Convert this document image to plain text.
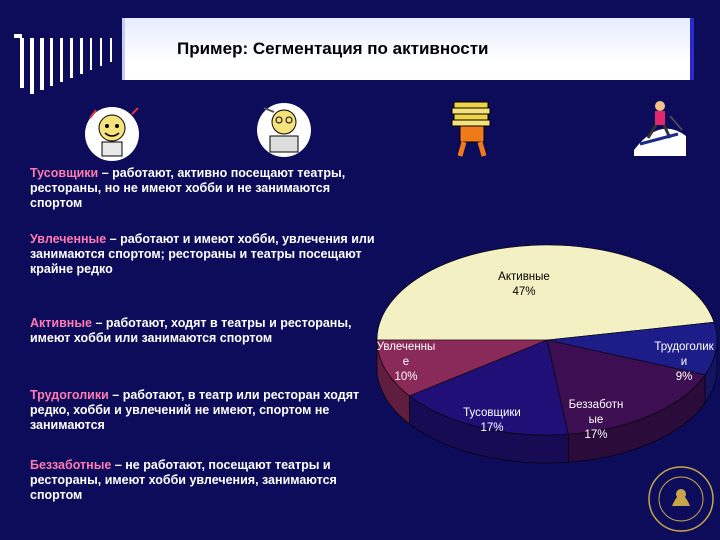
Пример: Сегментация по активности
Тусовщики – работают, активно посещают театры, рестораны, но не имеют хобби и не занимаются спортом
Увлеченные – работают и имеют хобби, увлечения или занимаются спортом; рестораны и театры посещают крайне редко
Активные – работают, ходят в театры и рестораны, имеют хобби или занимаются спортом
Трудоголики – работают, в театр или ресторан ходят редко, хобби и увлечений не имеют, спортом не занимаются
Беззаботные – не работают, посещают театры и рестораны, имеют хобби увлечения, занимаются спортом
Активные 47%
Трудоголик и 9%
Беззаботн ые 17%
Тусовщики 17%
Увлеченны е 10%
